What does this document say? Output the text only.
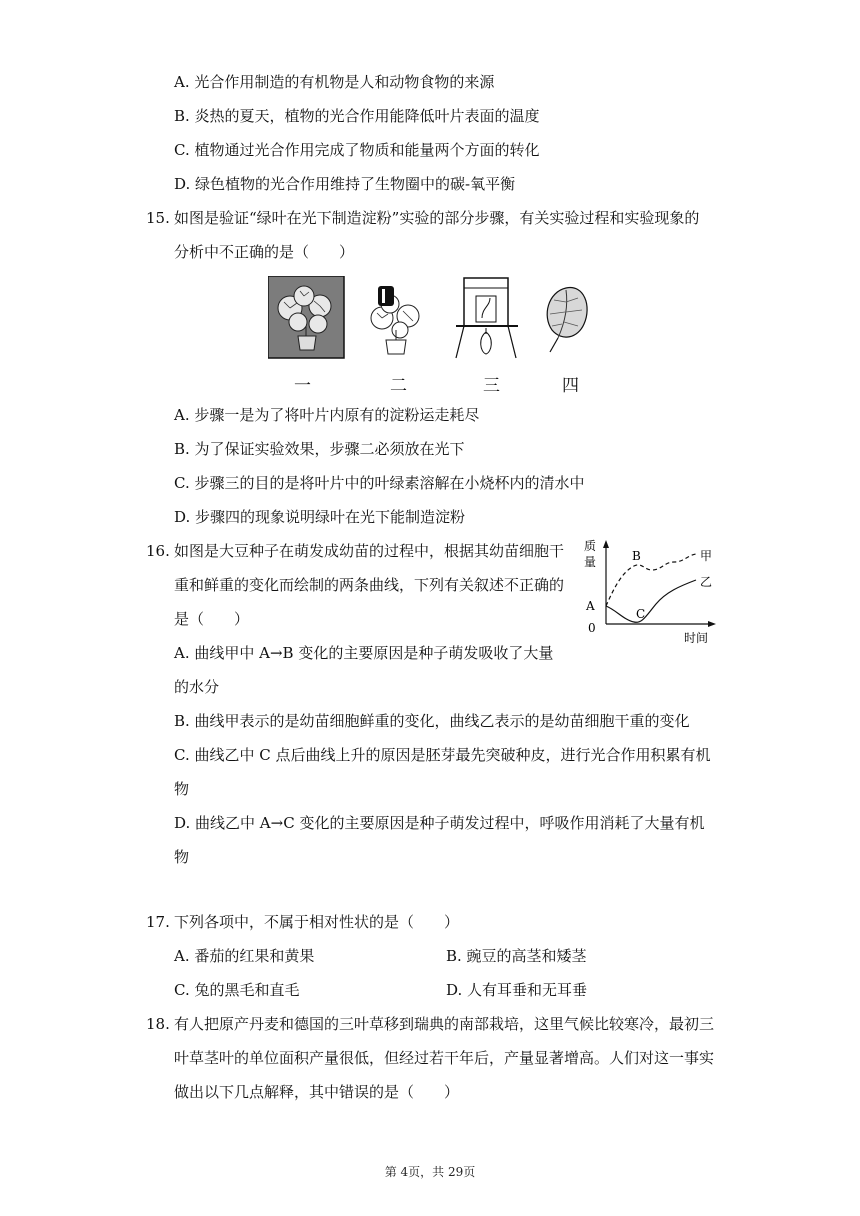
A. 光合作用制造的有机物是人和动物食物的来源
B. 炎热的夏天，植物的光合作用能降低叶片表面的温度
C. 植物通过光合作用完成了物质和能量两个方面的转化
D. 绿色植物的光合作用维持了生物圈中的碳-氧平衡
15. 如图是验证“绿叶在光下制造淀粉”实验的部分步骤，有关实验过程和实验现象的
分析中不正确的是（　　）
一	二	三	四
A. 步骤一是为了将叶片内原有的淀粉运走耗尽
B. 为了保证实验效果，步骤二必须放在光下
C. 步骤三的目的是将叶片中的叶绿素溶解在小烧杯内的清水中
D. 步骤四的现象说明绿叶在光下能制造淀粉
16. 如图是大豆种子在萌发成幼苗的过程中，根据其幼苗细胞干
重和鲜重的变化而绘制的两条曲线，下列有关叙述不正确的
是（　　）
A. 曲线甲中 A→B 变化的主要原因是种子萌发吸收了大量
的水分
B. 曲线甲表示的是幼苗细胞鲜重的变化，曲线乙表示的是幼苗细胞干重的变化
C. 曲线乙中 C 点后曲线上升的原因是胚芽最先突破种皮，进行光合作用积累有机
物
D. 曲线乙中 A→C 变化的主要原因是种子萌发过程中，呼吸作用消耗了大量有机
物
质
量
0
A
B
C
甲
乙
时间
17. 下列各项中，不属于相对性状的是（　　）
A. 番茄的红果和黄果	B. 豌豆的高茎和矮茎
C. 兔的黑毛和直毛	D. 人有耳垂和无耳垂
18. 有人把原产丹麦和德国的三叶草移到瑞典的南部栽培，这里气候比较寒冷，最初三
叶草茎叶的单位面积产量很低，但经过若干年后，产量显著增高。人们对这一事实
做出以下几点解释，其中错误的是（　　）
第 4页，共 29页
